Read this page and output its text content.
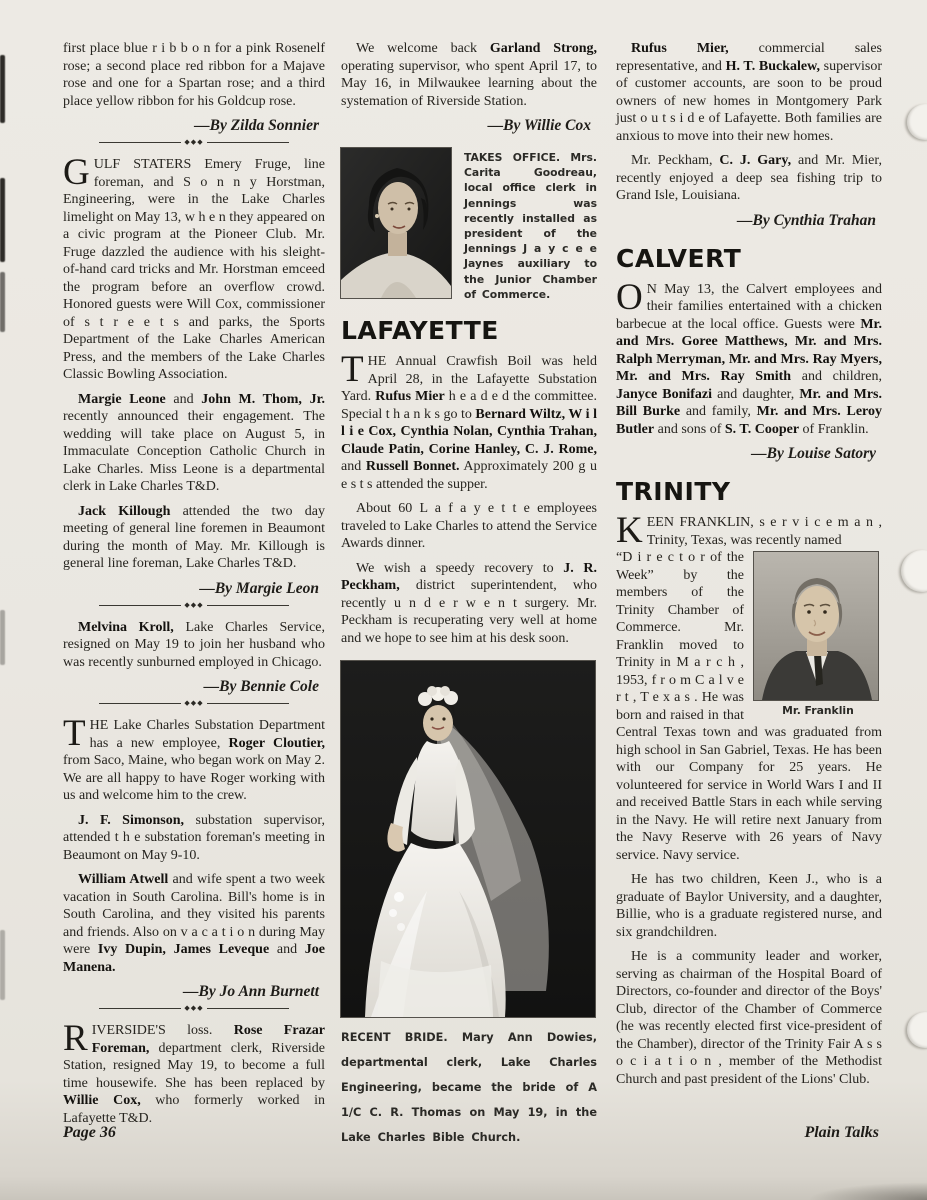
first place blue r i b b o n for a pink Rosenelf rose; a second place red ribbon for a Majave rose and one for a Spartan rose; and a third place yellow ribbon for his Goldcup rose.

—By Zilda Sonnier
◆◆◆

GULF STATERS Emery Fruge, line foreman, and S o n n y Horstman, Engineering, were in the Lake Charles limelight on May 13, w h e n they appeared on a civic program at the Pioneer Club. Mr. Fruge dazzled the audience with his sleight-of-hand card tricks and Mr. Horstman emceed the program before an overflow crowd. Honored guests were Will Cox, commissioner of s t r e e t s and parks, the Sports Department of the Lake Charles American Press, and the members of the Lake Charles Classic Bowling Association.

Margie Leone and John M. Thom, Jr. recently announced their engagement. The wedding will take place on August 5, in Immaculate Conception Catholic Church in Lake Charles. Miss Leone is a departmental clerk in Lake Charles T&D.

Jack Killough attended the two day meeting of general line foremen in Beaumont during the month of May. Mr. Killough is general line foreman, Lake Charles T&D.

—By Margie Leon
◆◆◆

Melvina Kroll, Lake Charles Service, resigned on May 19 to join her husband who was recently sunburned employed in Chicago.

—By Bennie Cole
◆◆◆

THE Lake Charles Substation Department has a new employee, Roger Cloutier, from Saco, Maine, who began work on May 2. We are all happy to have Roger working with us and welcome him to the crew.

J. F. Simonson, substation supervisor, attended t h e substation foreman's meeting in Beaumont on May 9-10.

William Atwell and wife spent a two week vacation in South Carolina. Bill's home is in South Carolina, and they visited his parents and friends. Also on v a c a t i o n during May were Ivy Dupin, James Leveque and Joe Manena.

—By Jo Ann Burnett
◆◆◆

RIVERSIDE'S loss. Rose Frazar Foreman, department clerk, Riverside Station, resigned May 19, to become a full time housewife. She has been replaced by Willie Cox, who formerly worked in Lafayette T&D.

We welcome back Garland Strong, operating supervisor, who spent April 17, to May 16, in Milwaukee learning about the systemation of Riverside Station.

—By Willie Cox
TAKES OFFICE. Mrs. Carita Goodreau, local office clerk in Jennings was recently installed as president of the Jennings J a y c e e Jaynes auxiliary to the Junior Chamber of Commerce.
LAFAYETTE

THE Annual Crawfish Boil was held April 28, in the Lafayette Substation Yard. Rufus Mier h e a d e d the committee. Special t h a n k s go to Bernard Wiltz, W i l l i e Cox, Cynthia Nolan, Cynthia Trahan, Claude Patin, Corine Hanley, C. J. Rome, and Russell Bonnet. Approximately 200 g u e s t s attended the supper.

About 60 L a f a y e t t e employees traveled to Lake Charles to attend the Service Awards dinner.

We wish a speedy recovery to J. R. Peckham, district superintendent, who recently u n d e r w e n t surgery. Mr. Peckham is recuperating very well at home and we hope to see him at his desk soon.

RECENT BRIDE. Mary Ann Dowies, departmental clerk, Lake Charles Engineering, became the bride of A 1/C C. R. Thomas on May 19, in the Lake Charles Bible Church.

Rufus Mier, commercial sales representative, and H. T. Buckalew, supervisor of customer accounts, are soon to be proud owners of new homes in Montgomery Park just o u t s i d e of Lafayette. Both families are anxious to move into their new homes.

Mr. Peckham, C. J. Gary, and Mr. Mier, recently enjoyed a deep sea fishing trip to Grand Isle, Louisiana.

—By Cynthia Trahan
CALVERT

O N May 13, the Calvert employees and their families entertained with a chicken barbecue at the local office. Guests were Mr. and Mrs. Goree Matthews, Mr. and Mrs. Ralph Merryman, Mr. and Mrs. Ray Myers, Mr. and Mrs. Ray Smith and children, Janyce Bonifazi and daughter, Mr. and Mrs. Bill Burke and family, Mr. and Mrs. Leroy Butler and sons of S. T. Cooper of Franklin.

—By Louise Satory
TRINITY

KEEN FRANKLIN, s e r v i c e m a n , Trinity, Texas, was recently named

Mr. Franklin

“D i r e c t o r of the Week” by the members of the Trinity Chamber of Commerce. Mr. Franklin moved to Trinity in M a r c h , 1953, f r o m C a l v e r t , T e x a s . He was born and raised in that Central Texas town and was graduated from high school in San Gabriel, Texas. He has been with our Company for 25 years. He volunteered for service in World Wars I and II and received Battle Stars in each while serving in the Navy. He will retire next January from the Navy Reserve with 26 years of Navy service. Navy service.

He has two children, Keen J., who is a graduate of Baylor University, and a daughter, Billie, who is a graduate registered nurse, and six grandchildren.

He is a community leader and worker, serving as chairman of the Hospital Board of Directors, co-founder and director of the Boys' Club, director of the Chamber of Commerce (he was recently elected first vice-president of the Chamber), director of the Trinity Fair A s s o c i a t i o n , member of the Methodist Church and past president of the Lions' Club.

Page 36	Plain Talks
